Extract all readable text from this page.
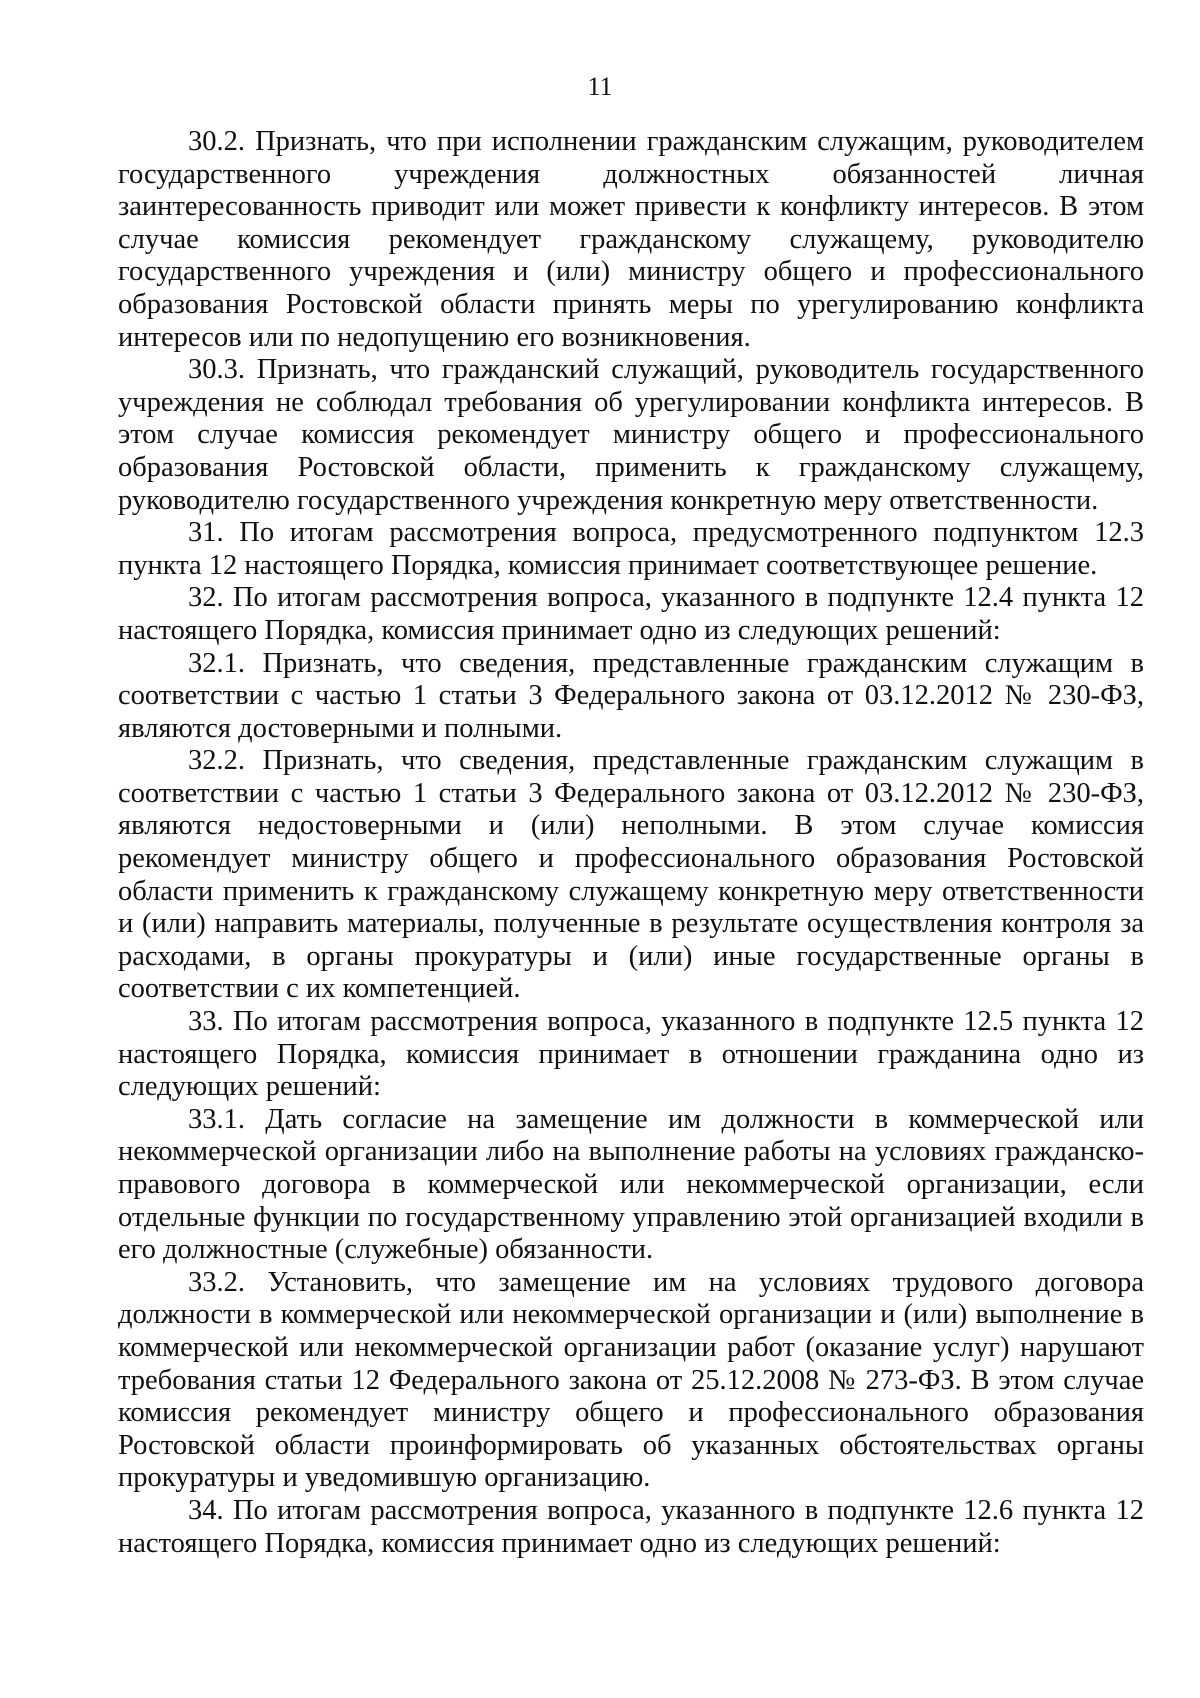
11

30.2. Признать, что при исполнении гражданским служащим, руководителем государственного учреждения должностных обязанностей личная заинтересованность приводит или может привести к конфликту интересов. В этом случае комиссия рекомендует гражданскому служащему, руководителю государственного учреждения и (или) министру общего и профессионального образования Ростовской области принять меры по урегулированию конфликта интересов или по недопущению его возникновения.

30.3. Признать, что гражданский служащий, руководитель государственного учреждения не соблюдал требования об урегулировании конфликта интересов. В этом случае комиссия рекомендует министру общего и профессионального образования Ростовской области, применить к гражданскому служащему, руководителю государственного учреждения конкретную меру ответственности.

31. По итогам рассмотрения вопроса, предусмотренного подпунктом 12.3 пункта 12 настоящего Порядка, комиссия принимает соответствующее решение.

32. По итогам рассмотрения вопроса, указанного в подпункте 12.4 пункта 12 настоящего Порядка, комиссия принимает одно из следующих решений:

32.1. Признать, что сведения, представленные гражданским служащим в соответствии с частью 1 статьи 3 Федерального закона от 03.12.2012 № 230-ФЗ, являются достоверными и полными.

32.2. Признать, что сведения, представленные гражданским служащим в соответствии с частью 1 статьи 3 Федерального закона от 03.12.2012 № 230-ФЗ, являются недостоверными и (или) неполными. В этом случае комиссия рекомендует министру общего и профессионального образования Ростовской области применить к гражданскому служащему конкретную меру ответственности и (или) направить материалы, полученные в результате осуществления контроля за расходами, в органы прокуратуры и (или) иные государственные органы в соответствии с их компетенцией.

33. По итогам рассмотрения вопроса, указанного в подпункте 12.5 пункта 12 настоящего Порядка, комиссия принимает в отношении гражданина одно из следующих решений:

33.1. Дать согласие на замещение им должности в коммерческой или некоммерческой организации либо на выполнение работы на условиях гражданско-правового договора в коммерческой или некоммерческой организации, если отдельные функции по государственному управлению этой организацией входили в его должностные (служебные) обязанности.

33.2. Установить, что замещение им на условиях трудового договора должности в коммерческой или некоммерческой организации и (или) выполнение в коммерческой или некоммерческой организации работ (оказание услуг) нарушают требования статьи 12 Федерального закона от 25.12.2008 № 273-ФЗ. В этом случае комиссия рекомендует министру общего и профессионального образования Ростовской области проинформировать об указанных обстоятельствах органы прокуратуры и уведомившую организацию.

34. По итогам рассмотрения вопроса, указанного в подпункте 12.6 пункта 12 настоящего Порядка, комиссия принимает одно из следующих решений:
